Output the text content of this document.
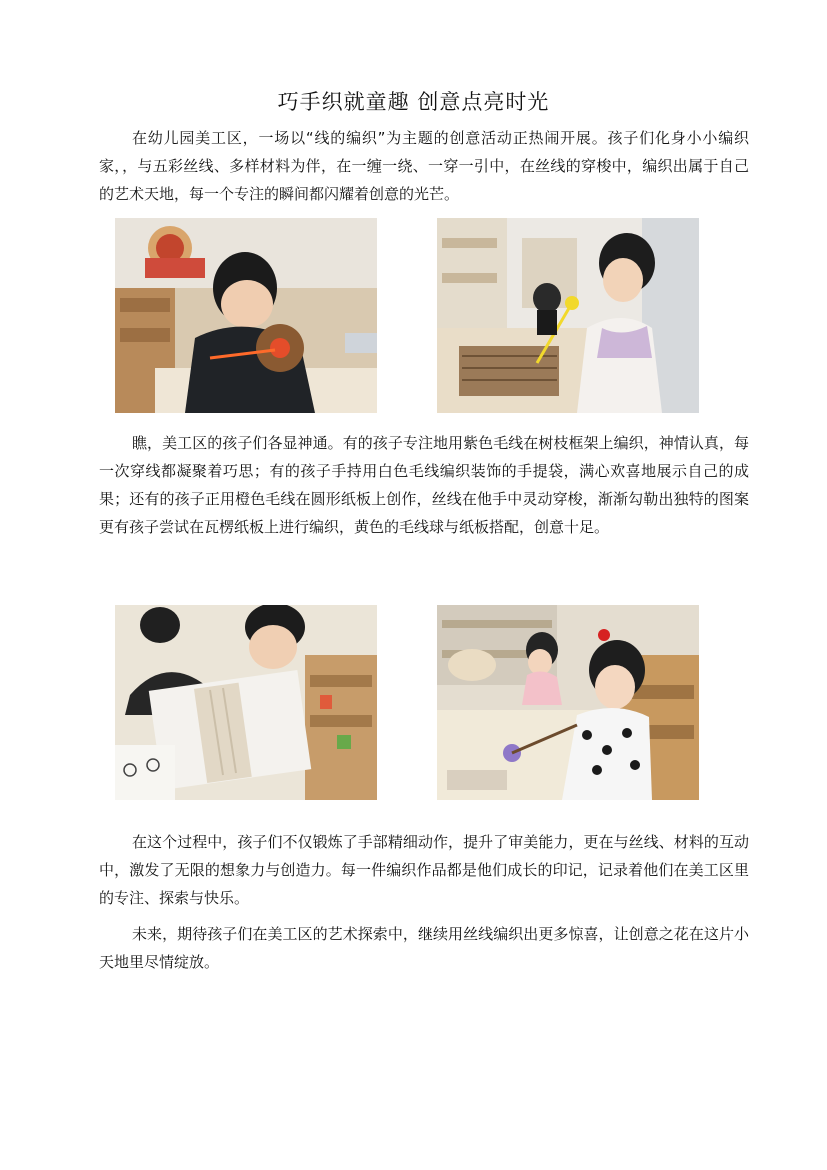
巧手织就童趣 创意点亮时光

在幼儿园美工区，一场以“线的编织”为主题的创意活动正热闹开展。孩子们化身小小编织家，，与五彩丝线、多样材料为伴，在一缠一绕、一穿一引中，在丝线的穿梭中，编织出属于自己的艺术天地，每一个专注的瞬间都闪耀着创意的光芒。

瞧，美工区的孩子们各显神通。有的孩子专注地用紫色毛线在树枝框架上编织，神情认真，每一次穿线都凝聚着巧思；有的孩子手持用白色毛线编织装饰的手提袋，满心欢喜地展示自己的成果；还有的孩子正用橙色毛线在圆形纸板上创作，丝线在他手中灵动穿梭，渐渐勾勒出独特的图案 更有孩子尝试在瓦楞纸板上进行编织，黄色的毛线球与纸板搭配，创意十足。

在这个过程中，孩子们不仅锻炼了手部精细动作，提升了审美能力，更在与丝线、材料的互动中，激发了无限的想象力与创造力。每一件编织作品都是他们成长的印记，记录着他们在美工区里的专注、探索与快乐。

未来，期待孩子们在美工区的艺术探索中，继续用丝线编织出更多惊喜，让创意之花在这片小天地里尽情绽放。
